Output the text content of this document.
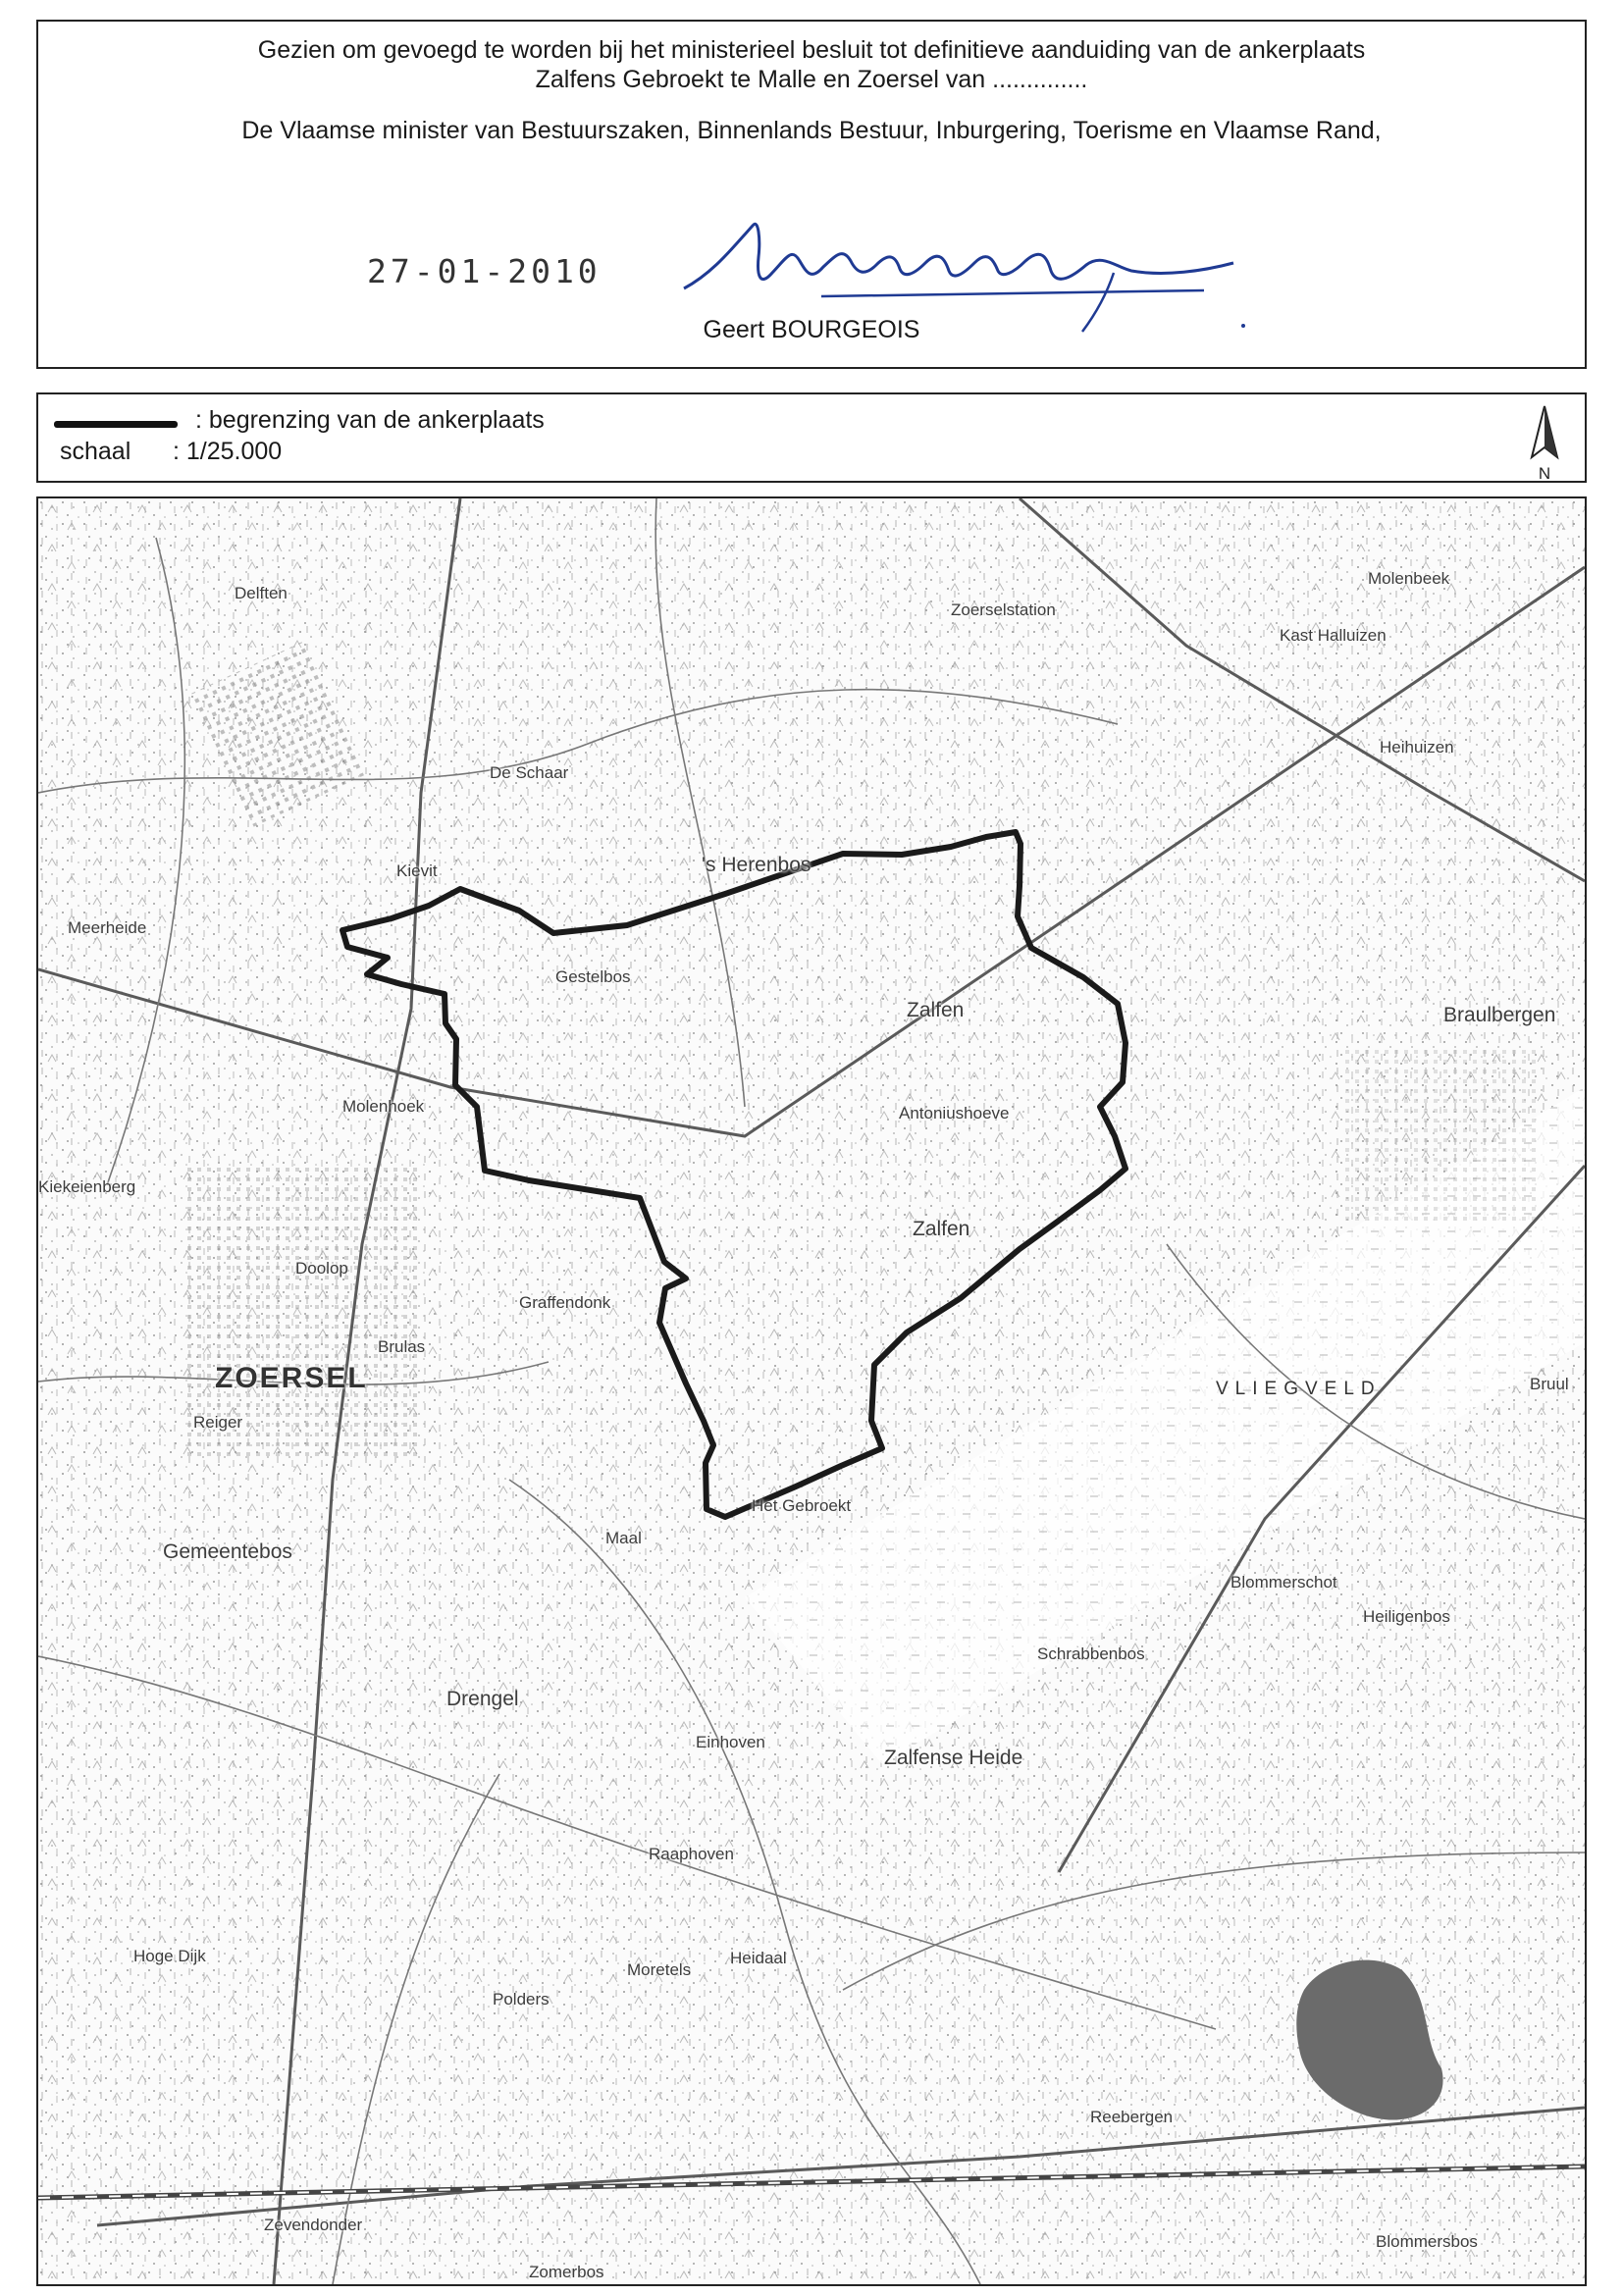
Gezien om gevoegd te worden bij het ministerieel besluit tot definitieve aanduiding van de ankerplaats
Zalfens Gebroekt te Malle en Zoersel van ..............
De Vlaamse minister van Bestuurszaken, Binnenlands Bestuur, Inburgering, Toerisme en Vlaamse Rand,
27-01-2010
Geert BOURGEOIS
: begrenzing van de ankerplaats
schaal : 1/25.000
N
Delften
De Schaar
Kievit
Meerheide
Gestelbos
's Herenbos
Zalfen
Antoniushoeve
Zoerselstation
Kast Halluizen
Molenbeek
Heihuizen
Braulbergen
Zalfen
VLIEGVELD	Bruul
Molenhoek
Kiekeienberg
Doolop
Graffendonk
Brulas
ZOERSEL
Reiger
Gemeentebos
Het Gebroekt
Maal
Drengel
Einhoven
Zalfense Heide
Schrabbenbos
Blommerschot
Heiligenbos
Raaphoven
Heidaal
Moretels
Polders
Hoge Dijk
Reebergen
Zevendonder
Blommersbos
Zomerbos
